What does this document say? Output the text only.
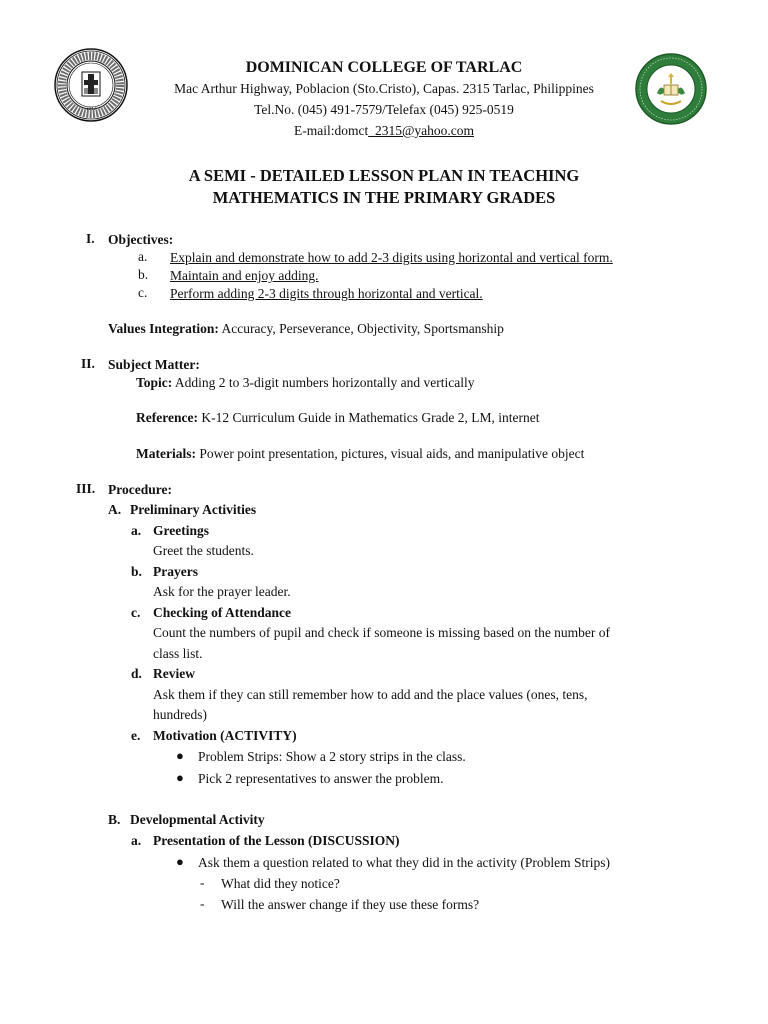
1947
DOMINICAN COLLEGE OF TARLAC
Mac Arthur Highway, Poblacion (Sto.Cristo), Capas. 2315 Tarlac, Philippines
Tel.No. (045) 491-7579/Telefax (045) 925-0519
E-mail:domct_2315@yahoo.com
A SEMI - DETAILED LESSON PLAN IN TEACHING
MATHEMATICS IN THE PRIMARY GRADES
I. Objectives:
a. Explain and demonstrate how to add 2-3 digits using horizontal and vertical form.
b. Maintain and enjoy adding.
c. Perform adding 2-3 digits through horizontal and vertical.
Values Integration: Accuracy, Perseverance, Objectivity, Sportsmanship
II. Subject Matter:
Topic: Adding 2 to 3-digit numbers horizontally and vertically
Reference: K-12 Curriculum Guide in Mathematics Grade 2, LM, internet
Materials: Power point presentation, pictures, visual aids, and manipulative object
III. Procedure:
A. Preliminary Activities
a. Greetings
Greet the students.
b. Prayers
Ask for the prayer leader.
c. Checking of Attendance
Count the numbers of pupil and check if someone is missing based on the number of
class list.
d. Review
Ask them if they can still remember how to add and the place values (ones, tens,
hundreds)
e. Motivation (ACTIVITY)
● Problem Strips: Show a 2 story strips in the class.
● Pick 2 representatives to answer the problem.
B. Developmental Activity
a. Presentation of the Lesson (DISCUSSION)
● Ask them a question related to what they did in the activity (Problem Strips)
- What did they notice?
- Will the answer change if they use these forms?
